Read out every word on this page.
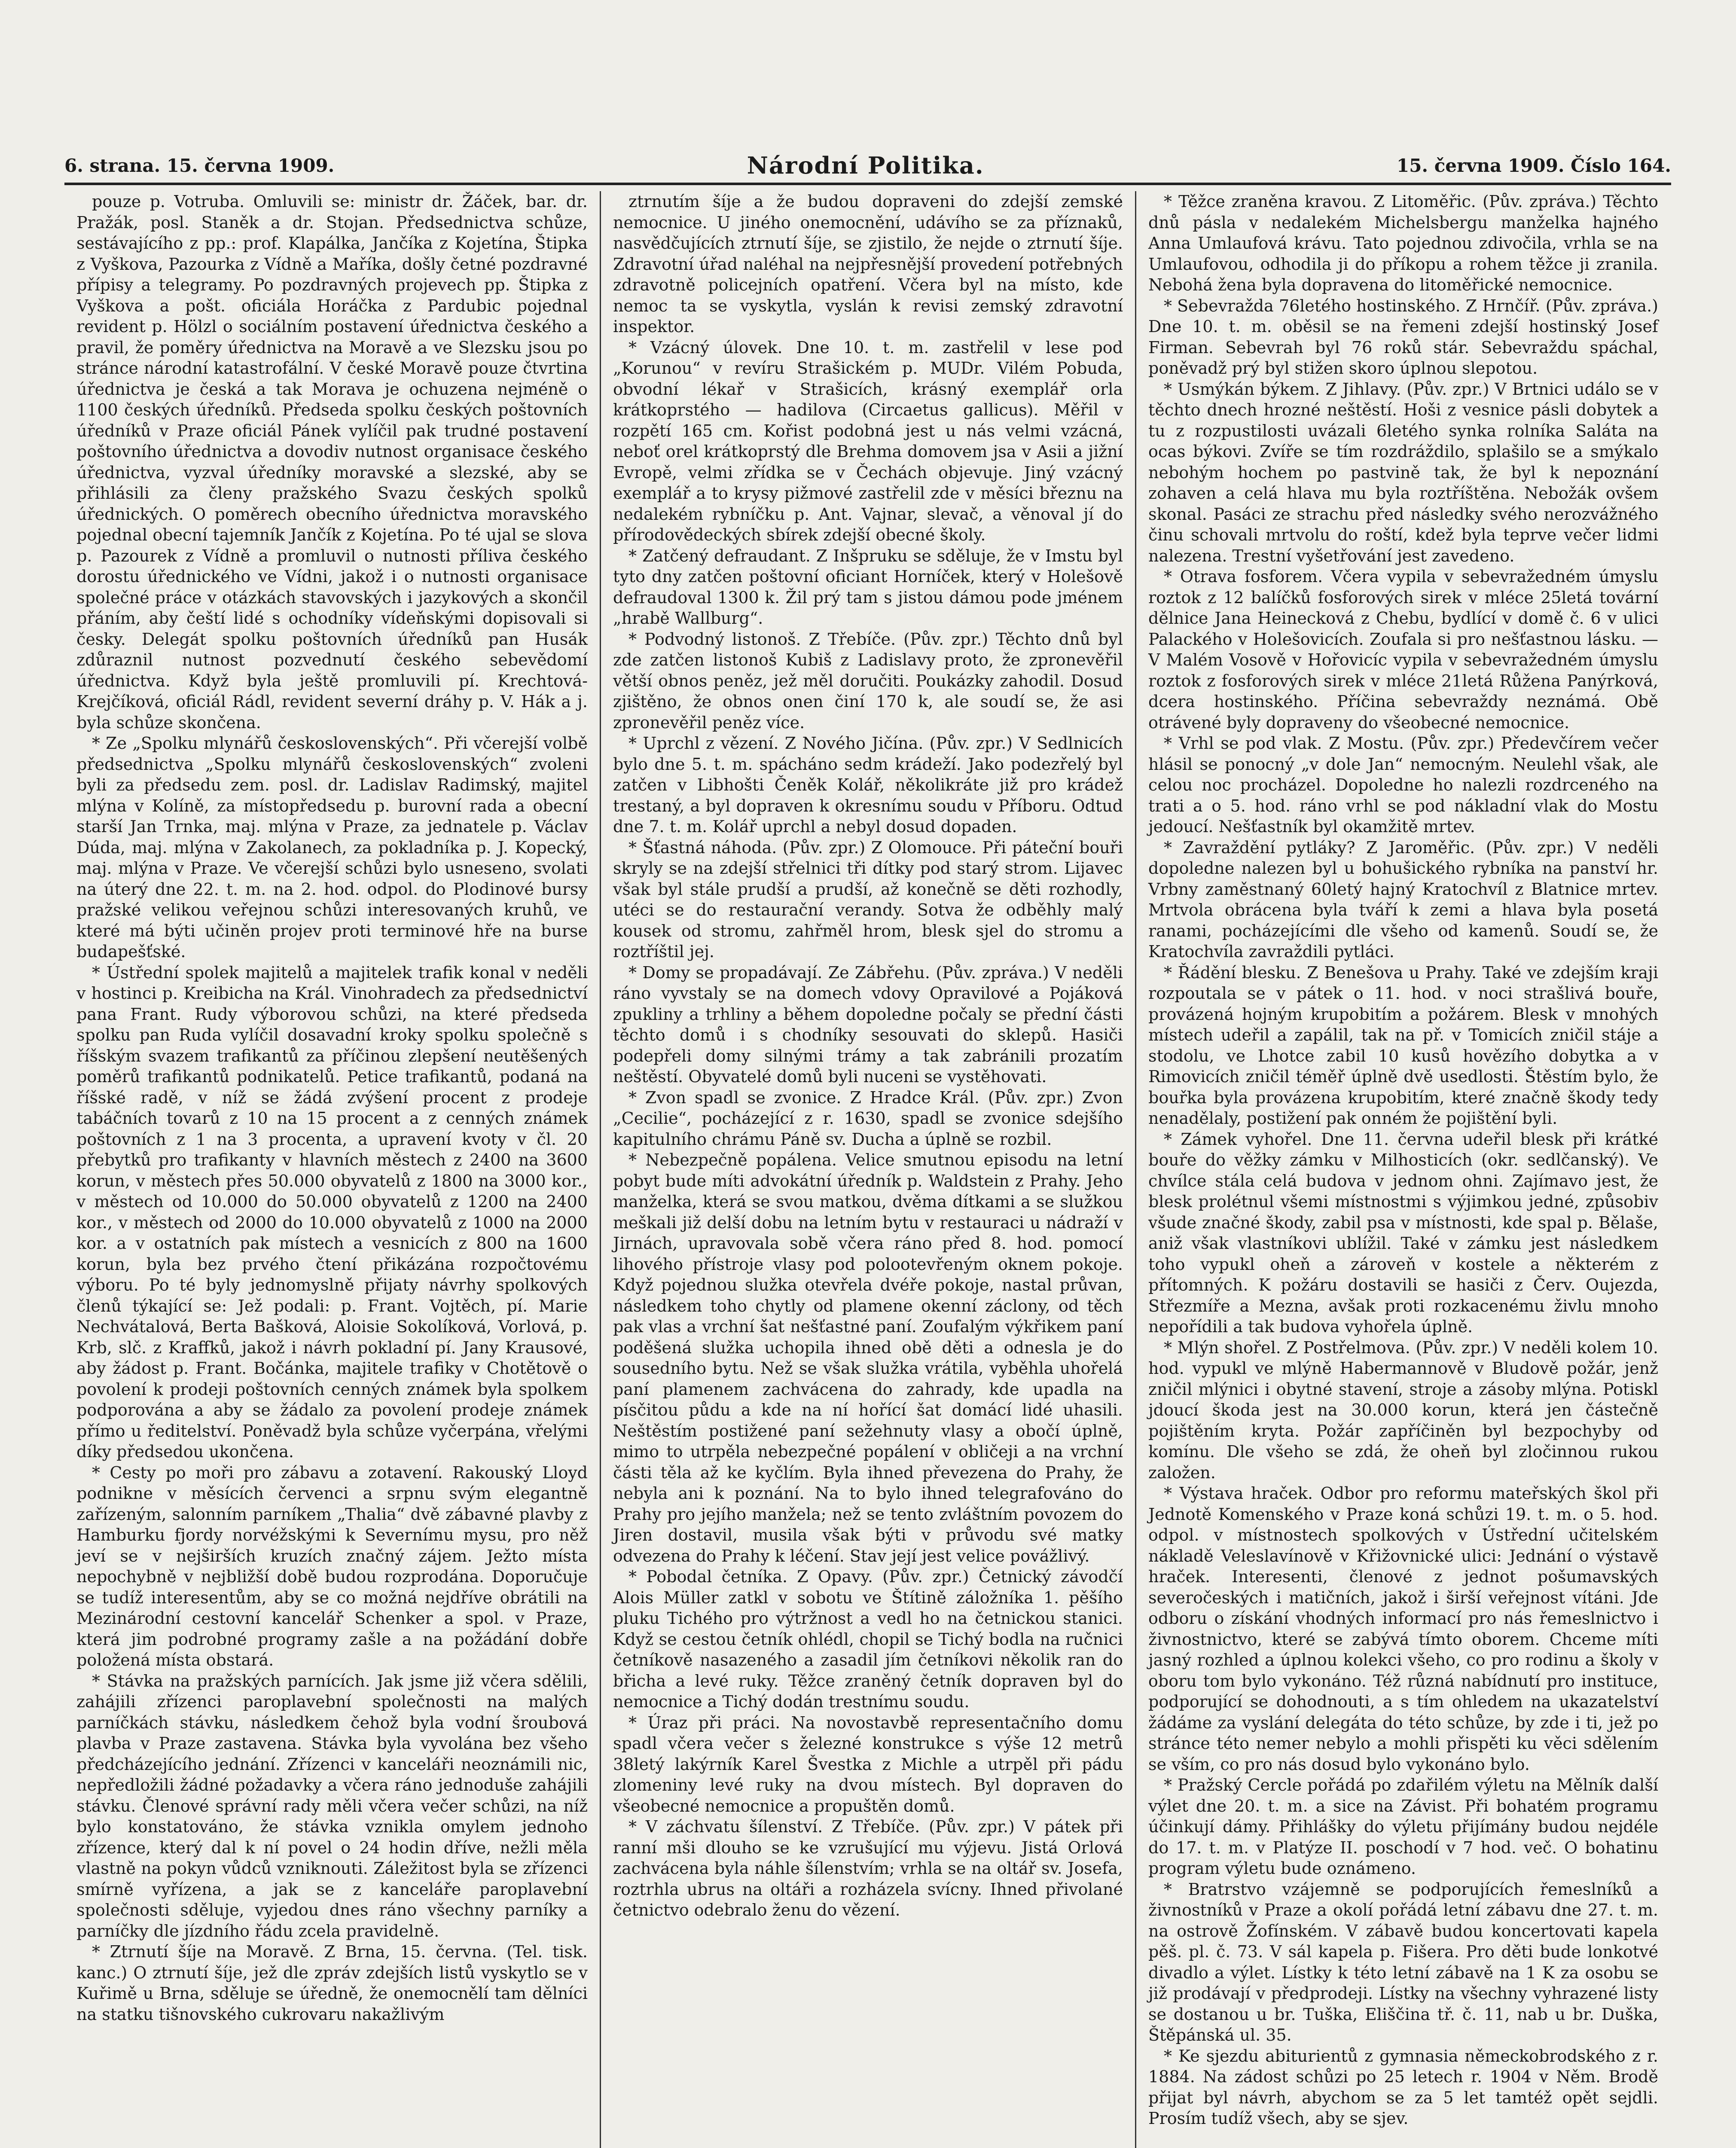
6. strana. 15. června 1909.	Národní Politika.	15. června 1909. Číslo 164.

pouze p. Votruba. Omluvili se: ministr dr. Žáček, bar. dr. Pražák, posl. Staněk a dr. Stojan. Předsednictva schůze, sestávajícího z pp.: prof. Klapálka, Jančíka z Kojetína, Štipka z Vyškova, Pazourka z Vídně a Maříka, došly četné pozdravné přípisy a telegramy. Po pozdravných projevech pp. Štipka z Vyškova a pošt. oficiála Horáčka z Pardubic pojednal revident p. Hölzl o sociálním postavení úřednictva českého a pravil, že poměry úřednictva na Moravě a ve Slezsku jsou po stránce národní katastrofální. V české Moravě pouze čtvrtina úřednictva je česká a tak Morava je ochuzena nejméně o 1100 českých úředníků. Předseda spolku českých poštovních úředníků v Praze oficiál Pánek vylíčil pak trudné postavení poštovního úřednictva a dovodiv nutnost organisace českého úřednictva, vyzval úředníky moravské a slezské, aby se přihlásili za členy pražského Svazu českých spolků úřednických. O poměrech obecního úřednictva moravského pojednal obecní tajemník Jančík z Kojetína. Po té ujal se slova p. Pazourek z Vídně a promluvil o nutnosti příliva českého dorostu úřednického ve Vídni, jakož i o nutnosti organisace společné práce v otázkách stavovských i jazykových a skončil přáním, aby čeští lidé s ochodníky vídeňskými dopisovali si česky. Delegát spolku poštovních úředníků pan Husák zdůraznil nutnost pozvednutí českého sebevědomí úřednictva. Když byla ještě promluvili pí. Krechtová-Krejčíková, oficiál Rádl, revident severní dráhy p. V. Hák a j. byla schůze skončena.

* Ze „Spolku mlynářů československých“. Při včerejší volbě předsednictva „Spolku mlynářů československých“ zvoleni byli za předsedu zem. posl. dr. Ladislav Radimský, majitel mlýna v Kolíně, za místopředsedu p. burovní rada a obecní starší Jan Trnka, maj. mlýna v Praze, za jednatele p. Václav Dúda, maj. mlýna v Zakolanech, za pokladníka p. J. Kopecký, maj. mlýna v Praze. Ve včerejší schůzi bylo usneseno, svolati na úterý dne 22. t. m. na 2. hod. odpol. do Plodinové bursy pražské velikou veřejnou schůzi interesovaných kruhů, ve které má býti učiněn projev proti terminové hře na burse budapešťské.

* Ústřední spolek majitelů a majitelek trafik konal v neděli v hostinci p. Kreibicha na Král. Vinohradech za předsednictví pana Frant. Rudy výborovou schůzi, na které předseda spolku pan Ruda vylíčil dosavadní kroky spolku společně s říšským svazem trafikantů za příčinou zlepšení neutěšených poměrů trafikantů podnikatelů. Petice trafikantů, podaná na říšské radě, v níž se žádá zvýšení procent z prodeje tabáčních tovarů z 10 na 15 procent a z cenných známek poštovních z 1 na 3 procenta, a upravení kvoty v čl. 20 přebytků pro trafikanty v hlavních městech z 2400 na 3600 korun, v městech přes 50.000 obyvatelů z 1800 na 3000 kor., v městech od 10.000 do 50.000 obyvatelů z 1200 na 2400 kor., v městech od 2000 do 10.000 obyvatelů z 1000 na 2000 kor. a v ostatních pak místech a vesnicích z 800 na 1600 korun, byla bez prvého čtení přikázána rozpočtovému výboru. Po té byly jednomyslně přijaty návrhy spolkových členů týkající se: Jež podali: p. Frant. Vojtěch, pí. Marie Nechvátalová, Berta Bašková, Aloisie Sokolíková, Vorlová, p. Krb, slč. z Kraffků, jakož i návrh pokladní pí. Jany Krausové, aby žádost p. Frant. Bočánka, majitele trafiky v Chotětově o povolení k prodeji poštovních cenných známek byla spolkem podporována a aby se žádalo za povolení prodeje známek přímo u ředitelství. Poněvadž byla schůze vyčerpána, vřelými díky předsedou ukončena.

* Cesty po moři pro zábavu a zotavení. Rakouský Lloyd podnikne v měsících červenci a srpnu svým elegantně zařízeným, salonním parníkem „Thalia“ dvě zábavné plavby z Hamburku fjordy norvéžskými k Severnímu mysu, pro něž jeví se v nejširších kruzích značný zájem. Ježto místa nepochybně v nejbližší době budou rozprodána. Doporučuje se tudíž interesentům, aby se co možná nejdříve obrátili na Mezinárodní cestovní kancelář Schenker a spol. v Praze, která jim podrobné programy zašle a na požádání dobře položená místa obstará.

* Stávka na pražských parnících. Jak jsme již včera sdělili, zahájili zřízenci paroplavební společnosti na malých parníčkách stávku, následkem čehož byla vodní šroubová plavba v Praze zastavena. Stávka byla vyvolána bez všeho předcházejícího jednání. Zřízenci v kanceláři neoznámili nic, nepředložili žádné požadavky a včera ráno jednoduše zahájili stávku. Členové správní rady měli včera večer schůzi, na níž bylo konstatováno, že stávka vznikla omylem jednoho zřízence, který dal k ní povel o 24 hodin dříve, nežli měla vlastně na pokyn vůdců vzniknouti. Záležitost byla se zřízenci smírně vyřízena, a jak se z kanceláře paroplavební společnosti sděluje, vyjedou dnes ráno všechny parníky a parníčky dle jízdního řádu zcela pravidelně.

* Ztrnutí šíje na Moravě. Z Brna, 15. června. (Tel. tisk. kanc.) O ztrnutí šíje, jež dle zpráv zdejších listů vyskytlo se v Kuřimě u Brna, sděluje se úředně, že onemocnělí tam dělníci na statku tišnovského cukrovaru nakažlivým

ztrnutím šíje a že budou dopraveni do zdejší zemské nemocnice. U jiného onemocnění, udávího se za příznaků, nasvědčujících ztrnutí šíje, se zjistilo, že nejde o ztrnutí šíje. Zdravotní úřad naléhal na nejpřesnější provedení potřebných zdravotně policejních opatření. Včera byl na místo, kde nemoc ta se vyskytla, vyslán k revisi zemský zdravotní inspektor.

* Vzácný úlovek. Dne 10. t. m. zastřelil v lese pod „Korunou“ v revíru Strašickém p. MUDr. Vilém Pobuda, obvodní lékař v Strašicích, krásný exemplář orla krátkoprstého — hadilova (Circaetus gallicus). Měřil v rozpětí 165 cm. Kořist podobná jest u nás velmi vzácná, neboť orel krátkoprstý dle Brehma domovem jsa v Asii a jižní Evropě, velmi zřídka se v Čechách objevuje. Jiný vzácný exemplář a to krysy pižmové zastřelil zde v měsíci březnu na nedalekém rybníčku p. Ant. Vajnar, slevač, a věnoval jí do přírodovědeckých sbírek zdejší obecné školy.

* Zatčený defraudant. Z Inšpruku se sděluje, že v Imstu byl tyto dny zatčen poštovní oficiant Horníček, který v Holešově defraudoval 1300 k. Žil prý tam s jistou dámou pode jménem „hrabě Wallburg“.

* Podvodný listonoš. Z Třebíče. (Pův. zpr.) Těchto dnů byl zde zatčen listonoš Kubiš z Ladislavy proto, že zpronevěřil větší obnos peněz, jež měl doručiti. Poukázky zahodil. Dosud zjištěno, že obnos onen činí 170 k, ale soudí se, že asi zpronevěřil peněz více.

* Uprchl z vězení. Z Nového Jičína. (Pův. zpr.) V Sedlnicích bylo dne 5. t. m. spácháno sedm krádeží. Jako podezřelý byl zatčen v Libhošti Čeněk Kolář, několikráte již pro krádež trestaný, a byl dopraven k okresnímu soudu v Příboru. Odtud dne 7. t. m. Kolář uprchl a nebyl dosud dopaden.

* Šťastná náhoda. (Pův. zpr.) Z Olomouce. Při páteční bouři skryly se na zdejší střelnici tři dítky pod starý strom. Lijavec však byl stále prudší a prudší, až konečně se děti rozhodly, utéci se do restaurační verandy. Sotva že odběhly malý kousek od stromu, zahřměl hrom, blesk sjel do stromu a roztříštil jej.

* Domy se propadávají. Ze Zábřehu. (Pův. zpráva.) V neděli ráno vyvstaly se na domech vdovy Opravilové a Pojáková zpukliny a trhliny a během dopoledne počaly se přední části těchto domů i s chodníky sesouvati do sklepů. Hasiči podepřeli domy silnými trámy a tak zabránili prozatím neštěstí. Obyvatelé domů byli nuceni se vystěhovati.

* Zvon spadl se zvonice. Z Hradce Král. (Pův. zpr.) Zvon „Cecilie“, pocházející z r. 1630, spadl se zvonice sdejšího kapitulního chrámu Páně sv. Ducha a úplně se rozbil.

* Nebezpečně popálena. Velice smutnou episodu na letní pobyt bude míti advokátní úředník p. Waldstein z Prahy. Jeho manželka, která se svou matkou, dvěma dítkami a se služkou meškali již delší dobu na letním bytu v restauraci u nádraží v Jirnách, upravovala sobě včera ráno před 8. hod. pomocí lihového přístroje vlasy pod polootevřeným oknem pokoje. Když pojednou služka otevřela dvéře pokoje, nastal průvan, následkem toho chytly od plamene okenní záclony, od těch pak vlas a vrchní šat nešťastné paní. Zoufalým výkřikem paní poděšená služka uchopila ihned obě děti a odnesla je do sousedního bytu. Než se však služka vrátila, vyběhla uhořelá paní plamenem zachvácena do zahrady, kde upadla na písčitou půdu a kde na ní hořící šat domácí lidé uhasili. Neštěstím postižené paní sežehnuty vlasy a obočí úplně, mimo to utrpěla nebezpečné popálení v obličeji a na vrchní části těla až ke kyčlím. Byla ihned převezena do Prahy, že nebyla ani k poznání. Na to bylo ihned telegrafováno do Prahy pro jejího manžela; než se tento zvláštním povozem do Jiren dostavil, musila však býti v průvodu své matky odvezena do Prahy k léčení. Stav její jest velice povážlivý.

* Pobodal četníka. Z Opavy. (Pův. zpr.) Četnický závodčí Alois Müller zatkl v sobotu ve Štítině záložníka 1. pěšího pluku Tichého pro výtržnost a vedl ho na četnickou stanici. Když se cestou četník ohlédl, chopil se Tichý bodla na ručnici četníkově nasazeného a zasadil jím četníkovi několik ran do břicha a levé ruky. Těžce zraněný četník dopraven byl do nemocnice a Tichý dodán trestnímu soudu.

* Úraz při práci. Na novostavbě representačního domu spadl včera večer s železné konstrukce s výše 12 metrů 38letý lakýrník Karel Švestka z Michle a utrpěl při pádu zlomeniny levé ruky na dvou místech. Byl dopraven do všeobecné nemocnice a propuštěn domů.

* V záchvatu šílenství. Z Třebíče. (Pův. zpr.) V pátek při ranní mši dlouho se ke vzrušující mu výjevu. Jistá Orlová zachvácena byla náhle šílenstvím; vrhla se na oltář sv. Josefa, roztrhla ubrus na oltáři a rozházela svícny. Ihned přivolané četnictvo odebralo ženu do vězení.

* Těžce zraněna kravou. Z Litoměřic. (Pův. zpráva.) Těchto dnů pásla v nedalekém Michelsbergu manželka hajného Anna Umlaufová krávu. Tato pojednou zdivočila, vrhla se na Umlaufovou, odhodila ji do příkopu a rohem těžce ji zranila. Nebohá žena byla dopravena do litoměřické nemocnice.

* Sebevražda 76letého hostinského. Z Hrnčíř. (Pův. zpráva.) Dne 10. t. m. oběsil se na řemeni zdejší hostinský Josef Firman. Sebevrah byl 76 roků stár. Sebevraždu spáchal, poněvadž prý byl stižen skoro úplnou slepotou.

* Usmýkán býkem. Z Jihlavy. (Pův. zpr.) V Brtnici událo se v těchto dnech hrozné neštěstí. Hoši z vesnice pásli dobytek a tu z rozpustilosti uvázali 6letého synka rolníka Saláta na ocas býkovi. Zvíře se tím rozdráždilo, splašilo se a smýkalo nebohým hochem po pastvině tak, že byl k nepoznání zohaven a celá hlava mu byla roztříštěna. Nebožák ovšem skonal. Pasáci ze strachu před následky svého nerozvážného činu schovali mrtvolu do roští, kdež byla teprve večer lidmi nalezena. Trestní vyšetřování jest zavedeno.

* Otrava fosforem. Včera vypila v sebevražedném úmyslu roztok z 12 balíčků fosforových sirek v mléce 25letá tovární dělnice Jana Heinecková z Chebu, bydlící v domě č. 6 v ulici Palackého v Holešovicích. Zoufala si pro nešťastnou lásku. — V Malém Vosově v Hořovicíc vypila v sebevražedném úmyslu roztok z fosforových sirek v mléce 21letá Růžena Panýrková, dcera hostinského. Příčina sebevraždy neznámá. Obě otrávené byly dopraveny do všeobecné nemocnice.

* Vrhl se pod vlak. Z Mostu. (Pův. zpr.) Předevčírem večer hlásil se ponocný „v dole Jan“ nemocným. Neulehl však, ale celou noc procházel. Dopoledne ho nalezli rozdrceného na trati a o 5. hod. ráno vrhl se pod nákladní vlak do Mostu jedoucí. Nešťastník byl okamžitě mrtev.

* Zavraždění pytláky? Z Jaroměřic. (Pův. zpr.) V neděli dopoledne nalezen byl u bohušického rybníka na panství hr. Vrbny zaměstnaný 60letý hajný Kratochvíl z Blatnice mrtev. Mrtvola obrácena byla tváří k zemi a hlava byla posetá ranami, pocházejícími dle všeho od kamenů. Soudí se, že Kratochvíla zavraždili pytláci.

* Řádění blesku. Z Benešova u Prahy. Také ve zdejším kraji rozpoutala se v pátek o 11. hod. v noci strašlivá bouře, provázená hojným krupobitím a požárem. Blesk v mnohých místech udeřil a zapálil, tak na př. v Tomicích zničil stáje a stodolu, ve Lhotce zabil 10 kusů hovězího dobytka a v Rimovicích zničil téměř úplně dvě usedlosti. Štěstím bylo, že bouřka byla provázena krupobitím, které značně škody tedy nenadělaly, postižení pak onném že pojištění byli.

* Zámek vyhořel. Dne 11. června udeřil blesk při krátké bouře do věžky zámku v Milhosticích (okr. sedlčanský). Ve chvílce stála celá budova v jednom ohni. Zajímavo jest, že blesk prolétnul všemi místnostmi s výjimkou jedné, způsobiv všude značné škody, zabil psa v místnosti, kde spal p. Bělaše, aniž však vlastníkovi ublížil. Také v zámku jest následkem toho vypukl oheň a zároveň v kostele a některém z přítomných. K požáru dostavili se hasiči z Červ. Oujezda, Střezmíře a Mezna, avšak proti rozkacenému živlu mnoho nepořídili a tak budova vyhořela úplně.

* Mlýn shořel. Z Postřelmova. (Pův. zpr.) V neděli kolem 10. hod. vypukl ve mlýně Habermannově v Bludově požár, jenž zničil mlýnici i obytné stavení, stroje a zásoby mlýna. Potiskl jdoucí škoda jest na 30.000 korun, která jen částečně pojištěním kryta. Požár zapříčiněn byl bezpochyby od komínu. Dle všeho se zdá, že oheň byl zločinnou rukou založen.

* Výstava hraček. Odbor pro reformu mateřských škol při Jednotě Komenského v Praze koná schůzi 19. t. m. o 5. hod. odpol. v místnostech spolkových v Ústřední učitelském nákladě Veleslavínově v Křižovnické ulici: Jednání o výstavě hraček. Interesenti, členové z jednot pošumavských severočeských i matičních, jakož i širší veřejnost vítáni. Jde odboru o získání vhodných informací pro nás řemeslnictvo i živnostnictvo, které se zabývá tímto oborem. Chceme míti jasný rozhled a úplnou kolekci všeho, co pro rodinu a školy v oboru tom bylo vykonáno. Též různá nabídnutí pro instituce, podporující se dohodnouti, a s tím ohledem na ukazatelství žádáme za vyslání delegáta do této schůze, by zde i ti, jež po stránce této nemer nebylo a mohli přispěti ku věci sdělením se vším, co pro nás dosud bylo vykonáno bylo.

* Pražský Cercle pořádá po zdařilém výletu na Mělník další výlet dne 20. t. m. a sice na Závist. Při bohatém programu účinkují dámy. Přihlášky do výletu přijímány budou nejdéle do 17. t. m. v Platýze II. poschodí v 7 hod. več. O bohatinu program výletu bude oznámeno.

* Bratrstvo vzájemně se podporujících řemeslníků a živnostníků v Praze a okolí pořádá letní zábavu dne 27. t. m. na ostrově Žofínském. V zábavě budou koncertovati kapela pěš. pl. č. 73. V sál kapela p. Fišera. Pro děti bude lonkotvé divadlo a výlet. Lístky k této letní zábavě na 1 K za osobu se již prodávají v předprodeji. Lístky na všechny vyhrazené listy se dostanou u br. Tuška, Eliščina tř. č. 11, nab u br. Duška, Štěpánská ul. 35.

* Ke sjezdu abiturientů z gymnasia německobrodského z r. 1884. Na zádost schůzi po 25 letech r. 1904 v Něm. Brodě přijat byl návrh, abychom se za 5 let tamtéž opět sejdli. Prosím tudíž všech, aby se sjev.
